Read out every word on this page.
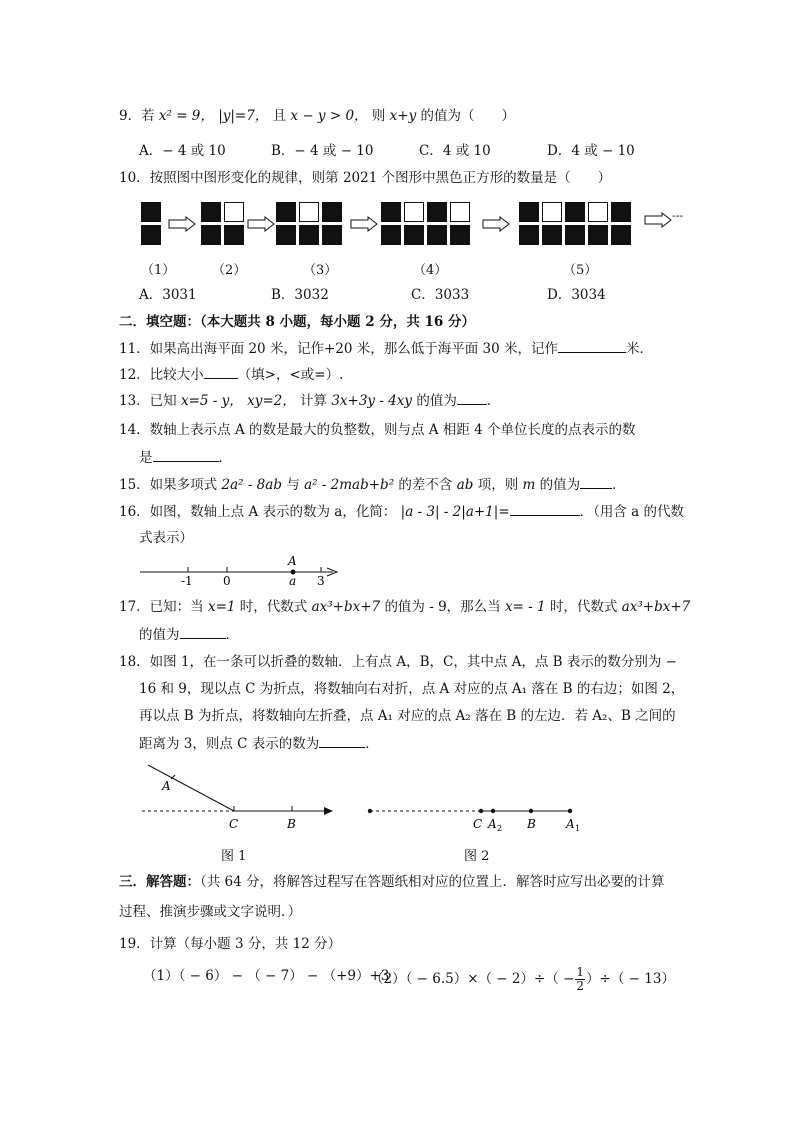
9．若 x² = 9， |y|=7， 且 x − y > 0， 则 x+y 的值为（　　）
A．− 4 或 10	B．− 4 或 − 10	C．4 或 10	D．4 或 − 10
10．按照图中图形变化的规律，则第 2021 个图形中黑色正方形的数量是（　　）
---
（1）	（2）	（3）	（4）	（5）
A．3031	B．3032	C．3033	D．3034
二．填空题：（本大题共 8 小题，每小题 2 分，共 16 分）
11．如果高出海平面 20 米，记作+20 米，那么低于海平面 30 米，记作	米．
12．比较大小	（填>，<或=）.
13．已知 x=5 - y， xy=2， 计算 3x+3y - 4xy 的值为 ．
14．数轴上表示点 A 的数是最大的负整数，则与点 A 相距 4 个单位长度的点表示的数
是	．
15．如果多项式 2a² - 8ab 与 a² - 2mab+b² 的差不含 ab 项，则 m 的值为 ．
16．如图，数轴上点 A 表示的数为 a，化简： |a - 3| - 2|a+1|=	．（用含 a 的代数
式表示）
A
a
-1	0	3
17．已知：当 x=1 时，代数式 ax³+bx+7 的值为 - 9，那么当 x= - 1 时，代数式 ax³+bx+7
的值为	．
18．如图 1，在一条可以折叠的数轴．上有点 A，B，C，其中点 A，点 B 表示的数分别为 −
16 和 9，现以点 C 为折点，将数轴向右对折，点 A 对应的点 A₁ 落在 B 的右边；如图 2，
再以点 B 为折点，将数轴向左折叠，点 A₁ 对应的点 A₂ 落在 B 的左边．若 A₂、B 之间的
距离为 3，则点 C 表示的数为	．
A
C	B
图 1
C A 2 B	A 1
图 2
三．解答题：（共 64 分，将解答过程写在答题纸相对应的位置上．解答时应写出必要的计算
过程、推演步骤或文字说明．）
19．计算（每小题 3 分，共 12 分）
（1）（ − 6） − （ − 7） − （+9）+3
$(2)( - 6.5)\times( - 2)\div( - \frac{1}{2}$ ）÷（ − 13）
